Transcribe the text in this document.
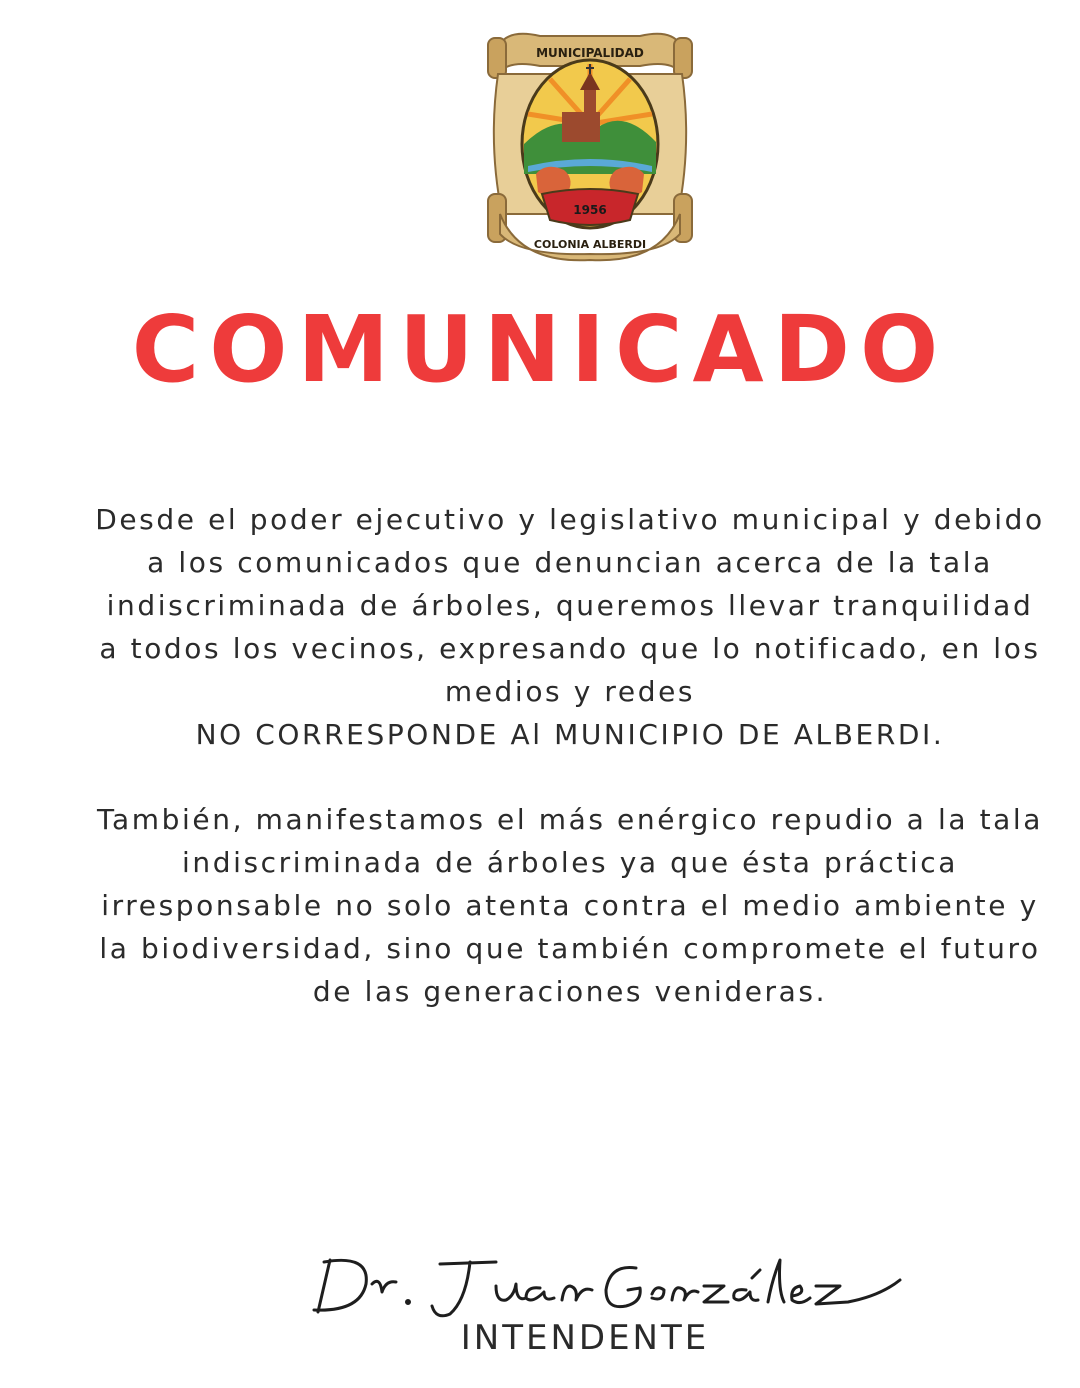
1956
MUNICIPALIDAD
COLONIA ALBERDI
COMUNICADO
Desde el poder ejecutivo y legislativo municipal y debido
a los comunicados que denuncian acerca de la tala
indiscriminada de árboles, queremos llevar tranquilidad
a todos los vecinos, expresando que lo notificado, en los
medios y redes
NO CORRESPONDE Al MUNICIPIO DE ALBERDI.
También, manifestamos el más enérgico repudio a la tala
indiscriminada de árboles ya que ésta práctica
irresponsable no solo atenta contra el medio ambiente y
la biodiversidad, sino que también compromete el futuro
de las generaciones venideras.
INTENDENTE
